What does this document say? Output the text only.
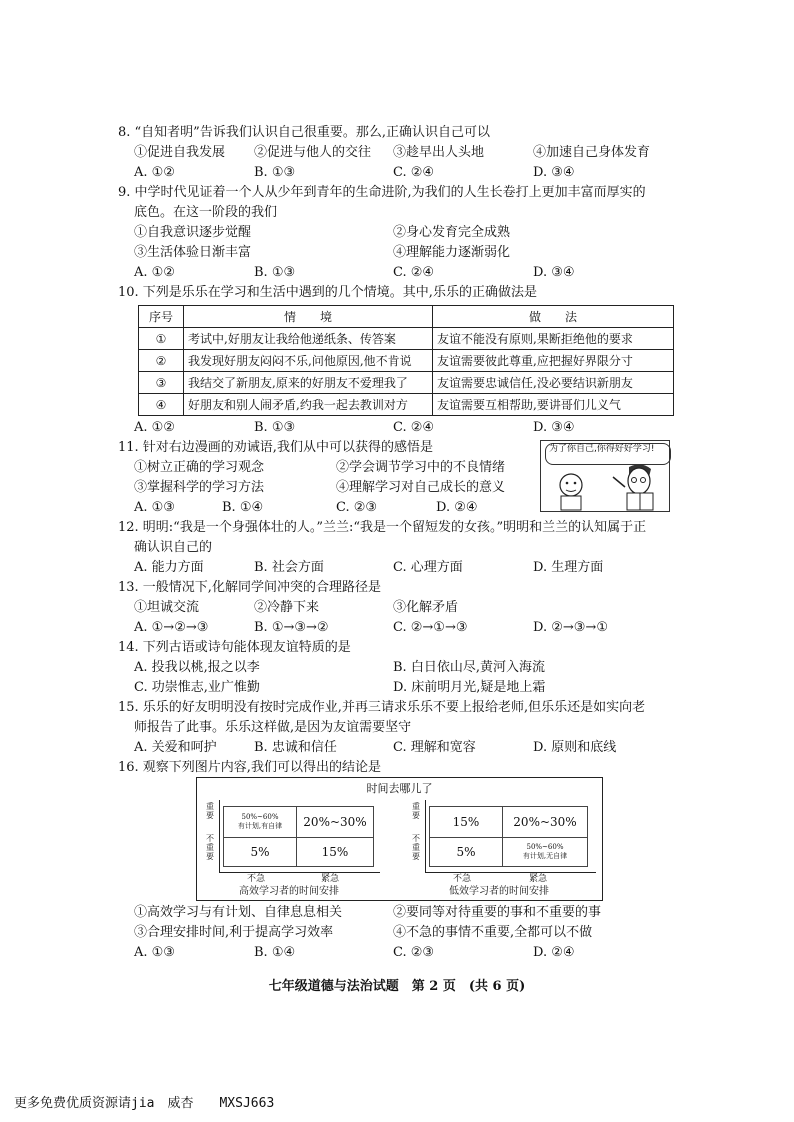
8. “自知者明”告诉我们认识自己很重要。那么,正确认识自己可以
①促进自我发展 ②促进与他人的交往 ③趁早出人头地	④加速自己身体发育
A. ①②	B. ①③	C. ②④	D. ③④
9. 中学时代见证着一个人从少年到青年的生命进阶,为我们的人生长卷打上更加丰富而厚实的
底色。在这一阶段的我们
①自我意识逐步觉醒	②身心发育完全成熟
③生活体验日渐丰富	④理解能力逐渐弱化
A. ①②	B. ①③	C. ②④	D. ③④
10. 下列是乐乐在学习和生活中遇到的几个情境。其中,乐乐的正确做法是
序号	情　　境	做　　法
①	考试中,好朋友让我给他递纸条、传答案	友谊不能没有原则,果断拒绝他的要求
②	我发现好朋友闷闷不乐,问他原因,他不肯说	友谊需要彼此尊重,应把握好界限分寸
③	我结交了新朋友,原来的好朋友不爱理我了	友谊需要忠诚信任,没必要结识新朋友
④	好朋友和别人闹矛盾,约我一起去教训对方	友谊需要互相帮助,要讲哥们儿义气
A. ①②	B. ①③	C. ②④	D. ③④
11. 针对右边漫画的劝诫语,我们从中可以获得的感悟是
①树立正确的学习观念	②学会调节学习中的不良情绪
③掌握科学的学习方法	④理解学习对自己成长的意义
A. ①③	B. ①④	C. ②③	D. ②④
为了你自己,你得好好学习!
12. 明明:“我是一个身强体壮的人。”兰兰:“我是一个留短发的女孩。”明明和兰兰的认知属于正
确认识自己的
A. 能力方面	B. 社会方面	C. 心理方面	D. 生理方面
13. 一般情况下,化解同学间冲突的合理路径是
①坦诚交流	②冷静下来	③化解矛盾
A. ①→②→③	B. ①→③→②	C. ②→①→③	D. ②→③→①
14. 下列古语或诗句能体现友谊特质的是
A. 投我以桃,报之以李	B. 白日依山尽,黄河入海流
C. 功崇惟志,业广惟勤	D. 床前明月光,疑是地上霜
15. 乐乐的好友明明没有按时完成作业,并再三请求乐乐不要上报给老师,但乐乐还是如实向老
师报告了此事。乐乐这样做,是因为友谊需要坚守
A. 关爱和呵护	B. 忠诚和信任	C. 理解和宽容	D. 原则和底线
16. 观察下列图片内容,我们可以得出的结论是
时间去哪儿了
重要
不重要
50%~60%
有计划,有自律	20%~30%
5%	15%
不急	紧急
高效学习者的时间安排
重要
不重要
15%	20%~30%
5%	50%~60%
有计划,无自律
不急	紧急
低效学习者的时间安排
①高效学习与有计划、自律息息相关	②要同等对待重要的事和不重要的事
③合理安排时间,利于提高学习效率	④不急的事情不重要,全都可以不做
A. ①③	B. ①④	C. ②③	D. ②④
七年级道德与法治试题　第 2 页　(共 6 页)
更多免费优质资源请jia　威杏　　MXSJ663
